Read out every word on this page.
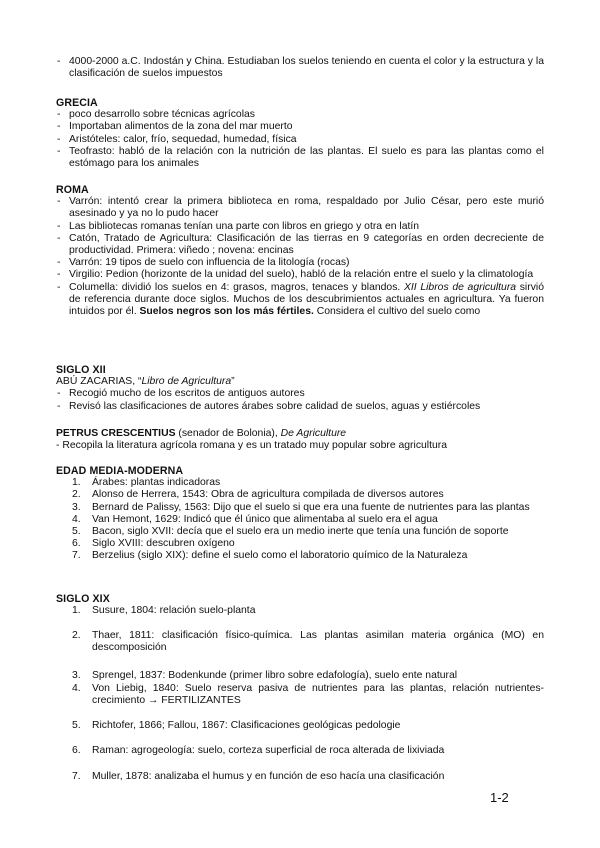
- 4000-2000 a.C. Indostán y China. Estudiaban los suelos teniendo en cuenta el color y la estructura y la clasificación de suelos impuestos
GRECIA
- poco desarrollo sobre técnicas agrícolas
- Importaban alimentos de la zona del mar muerto
- Aristóteles: calor, frío, sequedad, humedad, física
- Teofrasto: habló de la relación con la nutrición de las plantas. El suelo es para las plantas como el estómago para los animales
ROMA
- Varrón: intentó crear la primera biblioteca en roma, respaldado por Julio César, pero este murió asesinado y ya no lo pudo hacer
- Las bibliotecas romanas tenían una parte con libros en griego y otra en latín
- Catón, Tratado de Agricultura: Clasificación de las tierras en 9 categorías en orden decreciente de productividad. Primera: viñedo ; novena: encinas
- Varrón: 19 tipos de suelo con influencia de la litología (rocas)
- Virgilio: Pedion (horizonte de la unidad del suelo), habló de la relación entre el suelo y la climatología
- Columella: dividió los suelos en 4: grasos, magros, tenaces y blandos. XII Libros de agricultura sirvió de referencia durante doce siglos. Muchos de los descubrimientos actuales en agricultura. Ya fueron intuidos por él. Suelos negros son los más fértiles. Considera el cultivo del suelo como
SIGLO XII
ABÚ ZACARIAS, “Libro de Agricultura”
- Recogió mucho de los escritos de antiguos autores
- Revisó las clasificaciones de autores árabes sobre calidad de suelos, aguas y estiércoles
PETRUS CRESCENTIUS (senador de Bolonia), De Agriculture
- Recopila la literatura agrícola romana y es un tratado muy popular sobre agricultura
EDAD MEDIA-MODERNA
1. Árabes: plantas indicadoras
2. Alonso de Herrera, 1543: Obra de agricultura compilada de diversos autores
3. Bernard de Palissy, 1563: Dijo que el suelo si que era una fuente de nutrientes para las plantas
4. Van Hemont, 1629: Indicó que él único que alimentaba al suelo era el agua
5. Bacon, siglo XVII: decía que el suelo era un medio inerte que tenía una función de soporte
6. Siglo XVIII: descubren oxígeno
7. Berzelius (siglo XIX): define el suelo como el laboratorio químico de la Naturaleza
SIGLO XIX
1. Susure, 1804: relación suelo-planta
2. Thaer, 1811: clasificación físico-química. Las plantas asimilan materia orgánica (MO) en descomposición
3. Sprengel, 1837: Bodenkunde (primer libro sobre edafología), suelo ente natural
4. Von Liebig, 1840: Suelo reserva pasiva de nutrientes para las plantas, relación nutrientes-crecimiento → FERTILIZANTES
5. Richtofer, 1866; Fallou, 1867: Clasificaciones geológicas pedologie
6. Raman: agrogeología: suelo, corteza superficial de roca alterada de lixiviada
7. Muller, 1878: analizaba el humus y en función de eso hacía una clasificación
1-2
